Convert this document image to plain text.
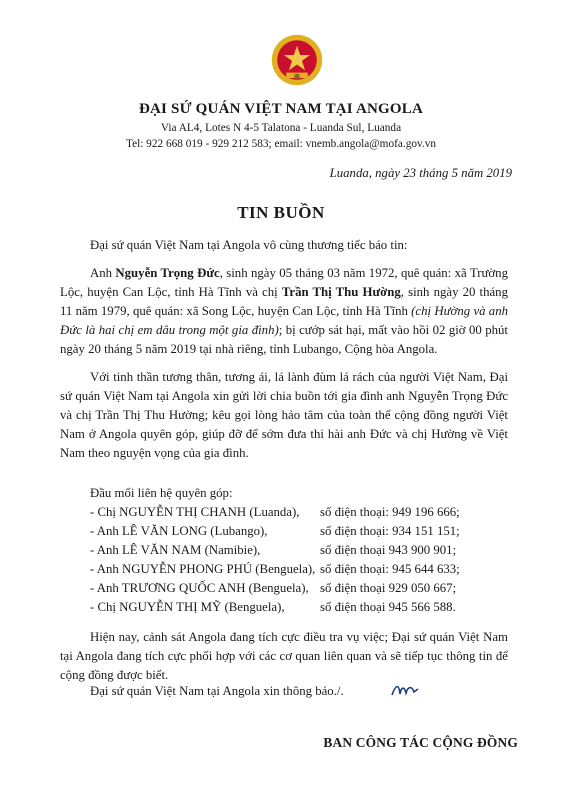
ĐẠI SỨ QUÁN VIỆT NAM TẠI ANGOLA
Via AL4, Lotes N 4-5 Talatona - Luanda Sul, Luanda
Tel: 922 668 019 - 929 212 583; email: vnemb.angola@mofa.gov.vn
Luanda, ngày 23 tháng 5 năm 2019
TIN BUỒN

Đại sứ quán Việt Nam tại Angola vô cùng thương tiếc báo tin:

Anh Nguyễn Trọng Đức, sinh ngày 05 tháng 03 năm 1972, quê quán: xã Trường Lộc, huyện Can Lộc, tỉnh Hà Tĩnh và chị Trần Thị Thu Hường, sinh ngày 20 tháng 11 năm 1979, quê quán: xã Song Lộc, huyện Can Lộc, tỉnh Hà Tĩnh (chị Hường và anh Đức là hai chị em dâu trong một gia đình); bị cướp sát hại, mất vào hồi 02 giờ 00 phút ngày 20 tháng 5 năm 2019 tại nhà riêng, tỉnh Lubango, Cộng hòa Angola.

Với tinh thần tương thân, tương ái, lá lành đùm lá rách của người Việt Nam, Đại sứ quán Việt Nam tại Angola xin gửi lời chia buồn tới gia đình anh Nguyễn Trọng Đức và chị Trần Thị Thu Hường; kêu gọi lòng hảo tâm của toàn thể cộng đồng người Việt Nam ở Angola quyên góp, giúp đỡ để sớm đưa thi hài anh Đức và chị Hường về Việt Nam theo nguyện vọng của gia đình.

Đầu mối liên hệ quyên góp:
- Chị NGUYỄN THỊ CHANH (Luanda), số điện thoại: 949 196 666;
- Anh LÊ VĂN LONG (Lubango),	số điện thoại: 934 151 151;
- Anh LÊ VĂN NAM (Namibie),	số điện thoại 943 900 901;
- Anh NGUYỄN PHONG PHÚ (Benguela), số điện thoại: 945 644 633;
- Anh TRƯƠNG QUỐC ANH (Benguela), số điện thoại 929 050 667;
- Chị NGUYỄN THỊ MỸ (Benguela),	số điện thoại 945 566 588.

Hiện nay, cảnh sát Angola đang tích cực điều tra vụ việc; Đại sứ quán Việt Nam tại Angola đang tích cực phối hợp với các cơ quan liên quan và sẽ tiếp tục thông tin để cộng đồng được biết.

Đại sứ quán Việt Nam tại Angola xin thông báo./.
BAN CÔNG TÁC CỘNG ĐỒNG
